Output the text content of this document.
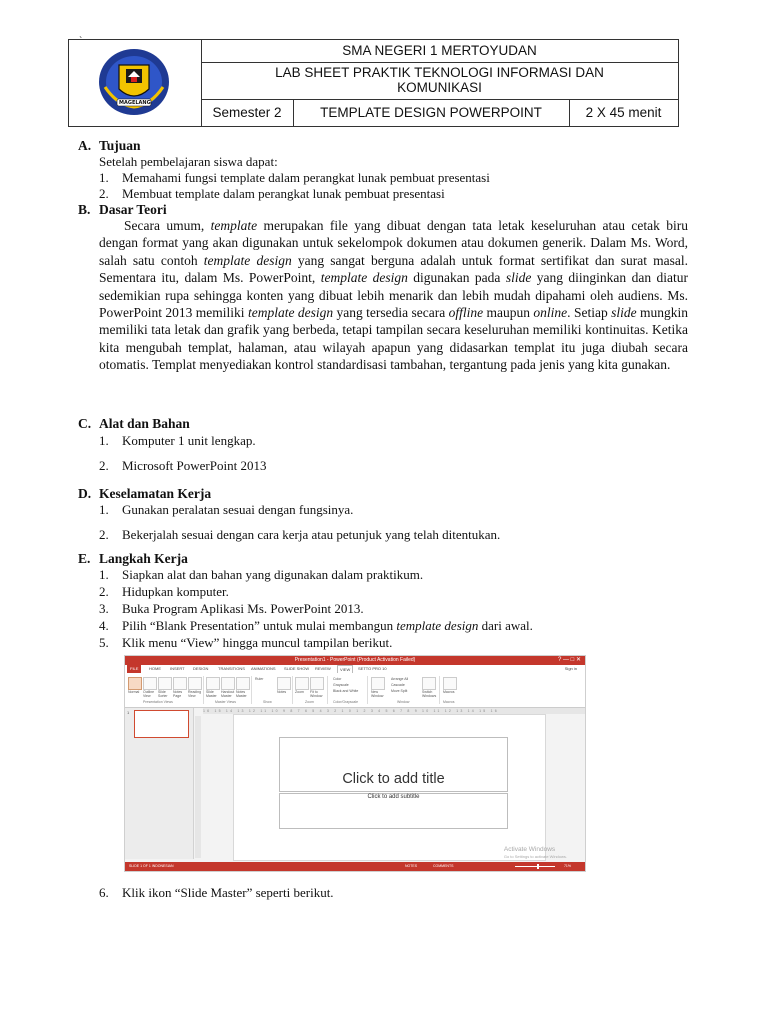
`
MAGELANG
SMA NEGERI 1 MERTOYUDAN
LAB SHEET PRAKTIK TEKNOLOGI INFORMASI DAN
KOMUNIKASI
Semester 2	TEMPLATE DESIGN POWERPOINT	2 X 45 menit
A. Tujuan
Setelah pembelajaran siswa dapat:
1. Memahami fungsi template dalam perangkat lunak pembuat presentasi
2. Membuat template dalam perangkat lunak pembuat presentasi
B. Dasar Teori
Secara umum, template merupakan file yang dibuat dengan tata letak keseluruhan atau cetak biru dengan format yang akan digunakan untuk sekelompok dokumen atau dokumen generik. Dalam Ms. Word, salah satu contoh template design yang sangat berguna adalah untuk format sertifikat dan surat masal. Sementara itu, dalam Ms. PowerPoint, template design digunakan pada slide yang diinginkan dan diatur sedemikian rupa sehingga konten yang dibuat lebih menarik dan lebih mudah dipahami oleh audiens. Ms. PowerPoint 2013 memiliki template design yang tersedia secara offline maupun online. Setiap slide mungkin memiliki tata letak dan grafik yang berbeda, tetapi tampilan secara keseluruhan memiliki kontinuitas. Ketika kita mengubah templat, halaman, atau wilayah apapun yang didasarkan templat itu juga diubah secara otomatis. Templat menyediakan kontrol standardisasi tambahan, tergantung pada jenis yang kita gunakan.
C. Alat dan Bahan
1. Komputer 1 unit lengkap.
2. Microsoft PowerPoint 2013
D. Keselamatan Kerja
1. Gunakan peralatan sesuai dengan fungsinya.
2. Bekerjalah sesuai dengan cara kerja atau petunjuk yang telah ditentukan.
E. Langkah Kerja
1. Siapkan alat dan bahan yang digunakan dalam praktikum.
2. Hidupkan komputer.
3. Buka Program Aplikasi Ms. PowerPoint 2013.
4. Pilih “Blank Presentation” untuk mulai membangun template design dari awal.
5. Klik menu “View” hingga muncul tampilan berikut.
Presentation1 - PowerPoint (Product Activation Failed)	? — □ ✕
FILE	HOME INSERT DESIGN TRANSITIONS ANIMATIONS SLIDE SHOW REVIEW	VIEW	SETTO PRO 10	Sign in
Normal Outline View
Slide Sorter
Notes Page
Reading View
Presentation Views
Slide Master
Handout Master
Notes Master
Master Views
Ruler
Notes
Show
Zoom Fit to Window
Zoom
Color
Grayscale
Black and White
Color/Grayscale
New Window
Arrange All
Cascade
Move Split	Switch Windows
Window
Macros
Macros
1	16 15 14 13 12 11 10 9 8 7 6 5 4 3 2 1 0 1 2 3 4 5 6 7 8 9 10 11 12 13 14 15 16
Click to add title
Click to add subtitle
Activate Windows
Go to Settings to activate Windows.
SLIDE 1 OF 1 INDONESIAN	NOTES	COMMENTS	71%
6. Klik ikon “Slide Master” seperti berikut.
